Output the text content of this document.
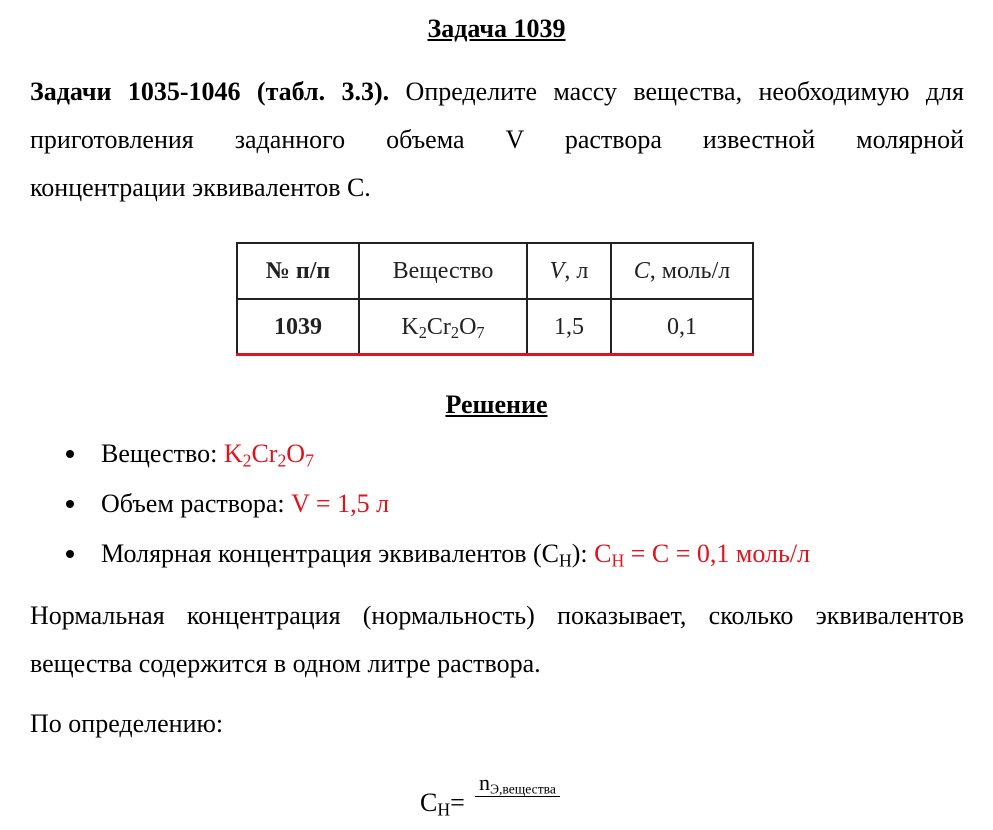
Задача 1039
Задачи 1035-1046 (табл. 3.3). Определите массу вещества, необходимую для
приготовления заданного объема V раствора известной молярной
концентрации эквивалентов С.
№ п/п	Вещество	V, л	C, моль/л
1039	$K_2Cr_2O_7$	1,5	0,1
Решение
Вещество: $K_2Cr_2O_7$
Объем раствора: V = 1,5 л
Молярная концентрация эквивалентов $(С_Н)$: $С_Н = С = 0,1$ моль/л
Нормальная концентрация (нормальность) показывает, сколько эквивалентов
вещества содержится в одном литре раствора.
По определению:
$С_Н=$
$n_{Э,вещества}$
